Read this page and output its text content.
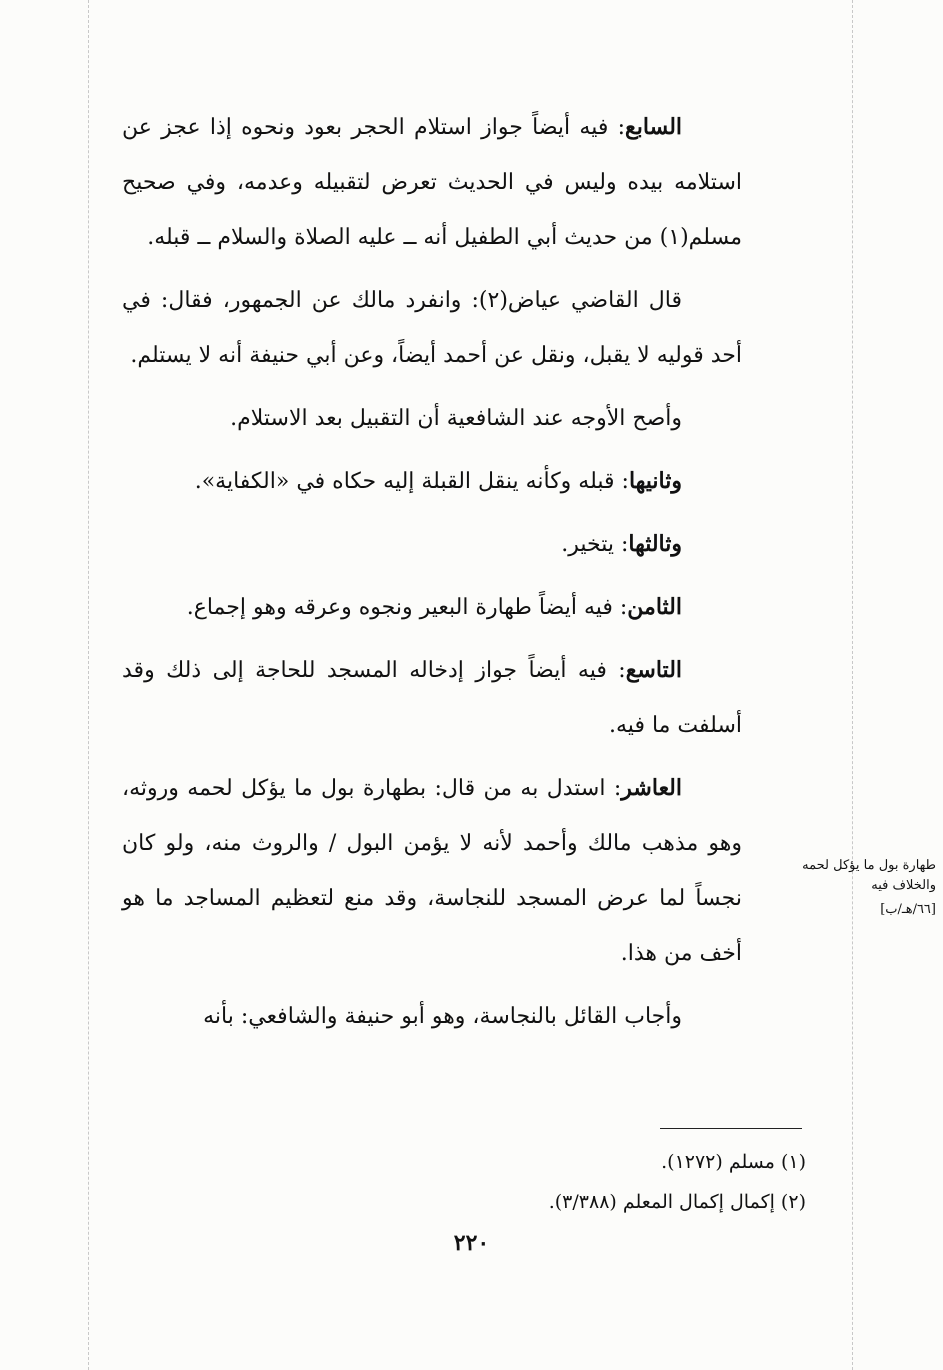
السابع: فيه أيضاً جواز استلام الحجر بعود ونحوه إذا عجز عن استلامه بيده وليس في الحديث تعرض لتقبيله وعدمه، وفي صحيح مسلم(١) من حديث أبي الطفيل أنه ــ عليه الصلاة والسلام ــ قبله.

قال القاضي عياض(٢): وانفرد مالك عن الجمهور، فقال: في أحد قوليه لا يقبل، ونقل عن أحمد أيضاً، وعن أبي حنيفة أنه لا يستلم.

وأصح الأوجه عند الشافعية أن التقبيل بعد الاستلام.

وثانيها: قبله وكأنه ينقل القبلة إليه حكاه في «الكفاية».

وثالثها: يتخير.

الثامن: فيه أيضاً طهارة البعير ونجوه وعرقه وهو إجماع.

التاسع: فيه أيضاً جواز إدخاله المسجد للحاجة إلى ذلك وقد أسلفت ما فيه.

العاشر: استدل به من قال: بطهارة بول ما يؤكل لحمه وروثه، وهو مذهب مالك وأحمد لأنه لا يؤمن البول / والروث منه، ولو كان نجساً لما عرض المسجد للنجاسة، وقد منع لتعظيم المساجد ما هو أخف من هذا.

وأجاب القائل بالنجاسة، وهو أبو حنيفة والشافعي: بأنه

طهارة بول ما يؤكل لحمه والخلاف فيه
[٦٦/هـ/ب]
(١) مسلم (١٢٧٢).
(٢) إكمال إكمال المعلم (٣/٣٨٨).
٢٢٠
